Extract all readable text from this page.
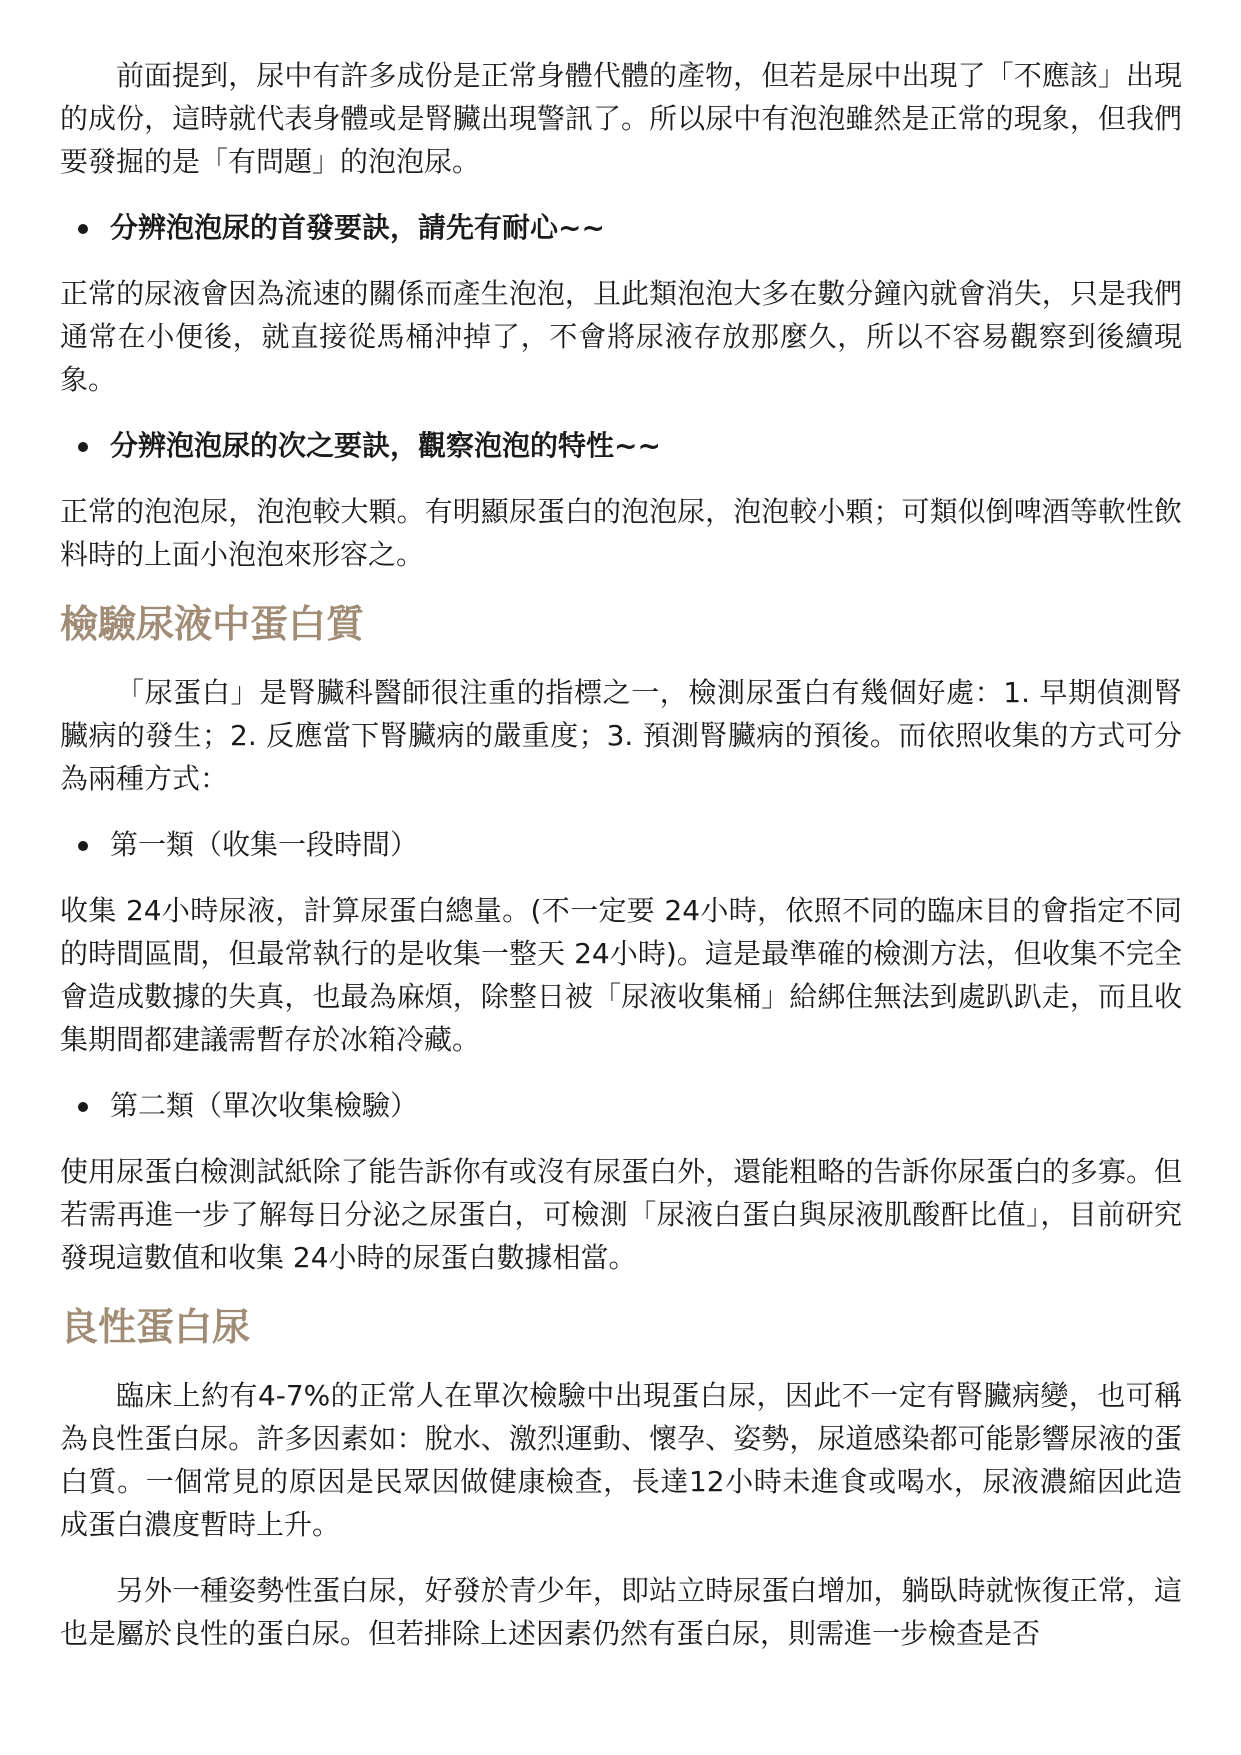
前面提到，尿中有許多成份是正常身體代體的產物，但若是尿中出現了「不應該」出現的成份，這時就代表身體或是腎臟出現警訊了。所以尿中有泡泡雖然是正常的現象，但我們要發掘的是「有問題」的泡泡尿。

分辨泡泡尿的首發要訣，請先有耐心~~

正常的尿液會因為流速的關係而產生泡泡，且此類泡泡大多在數分鐘內就會消失，只是我們通常在小便後，就直接從馬桶沖掉了，不會將尿液存放那麼久，所以不容易觀察到後續現象。

分辨泡泡尿的次之要訣，觀察泡泡的特性~~

正常的泡泡尿，泡泡較大顆。有明顯尿蛋白的泡泡尿，泡泡較小顆；可類似倒啤酒等軟性飲料時的上面小泡泡來形容之。

檢驗尿液中蛋白質

「尿蛋白」是腎臟科醫師很注重的指標之一，檢測尿蛋白有幾個好處：1. 早期偵測腎臟病的發生；2. 反應當下腎臟病的嚴重度；3. 預測腎臟病的預後。而依照收集的方式可分為兩種方式：

第一類（收集一段時間）

收集 24小時尿液，計算尿蛋白總量。(不一定要 24小時，依照不同的臨床目的會指定不同的時間區間，但最常執行的是收集一整天 24小時)。這是最準確的檢測方法，但收集不完全會造成數據的失真，也最為麻煩，除整日被「尿液收集桶」給綁住無法到處趴趴走，而且收集期間都建議需暫存於冰箱冷藏。

第二類（單次收集檢驗）

使用尿蛋白檢測試紙除了能告訴你有或沒有尿蛋白外，還能粗略的告訴你尿蛋白的多寡。但若需再進一步了解每日分泌之尿蛋白，可檢測「尿液白蛋白與尿液肌酸酐比值」，目前研究發現這數值和收集 24小時的尿蛋白數據相當。

良性蛋白尿

臨床上約有4-7%的正常人在單次檢驗中出現蛋白尿，因此不一定有腎臟病變，也可稱為良性蛋白尿。許多因素如：脫水、激烈運動、懷孕、姿勢，尿道感染都可能影響尿液的蛋白質。一個常見的原因是民眾因做健康檢查，長達12小時未進食或喝水，尿液濃縮因此造成蛋白濃度暫時上升。

另外一種姿勢性蛋白尿，好發於青少年，即站立時尿蛋白增加，躺臥時就恢復正常，這也是屬於良性的蛋白尿。但若排除上述因素仍然有蛋白尿，則需進一步檢查是否
